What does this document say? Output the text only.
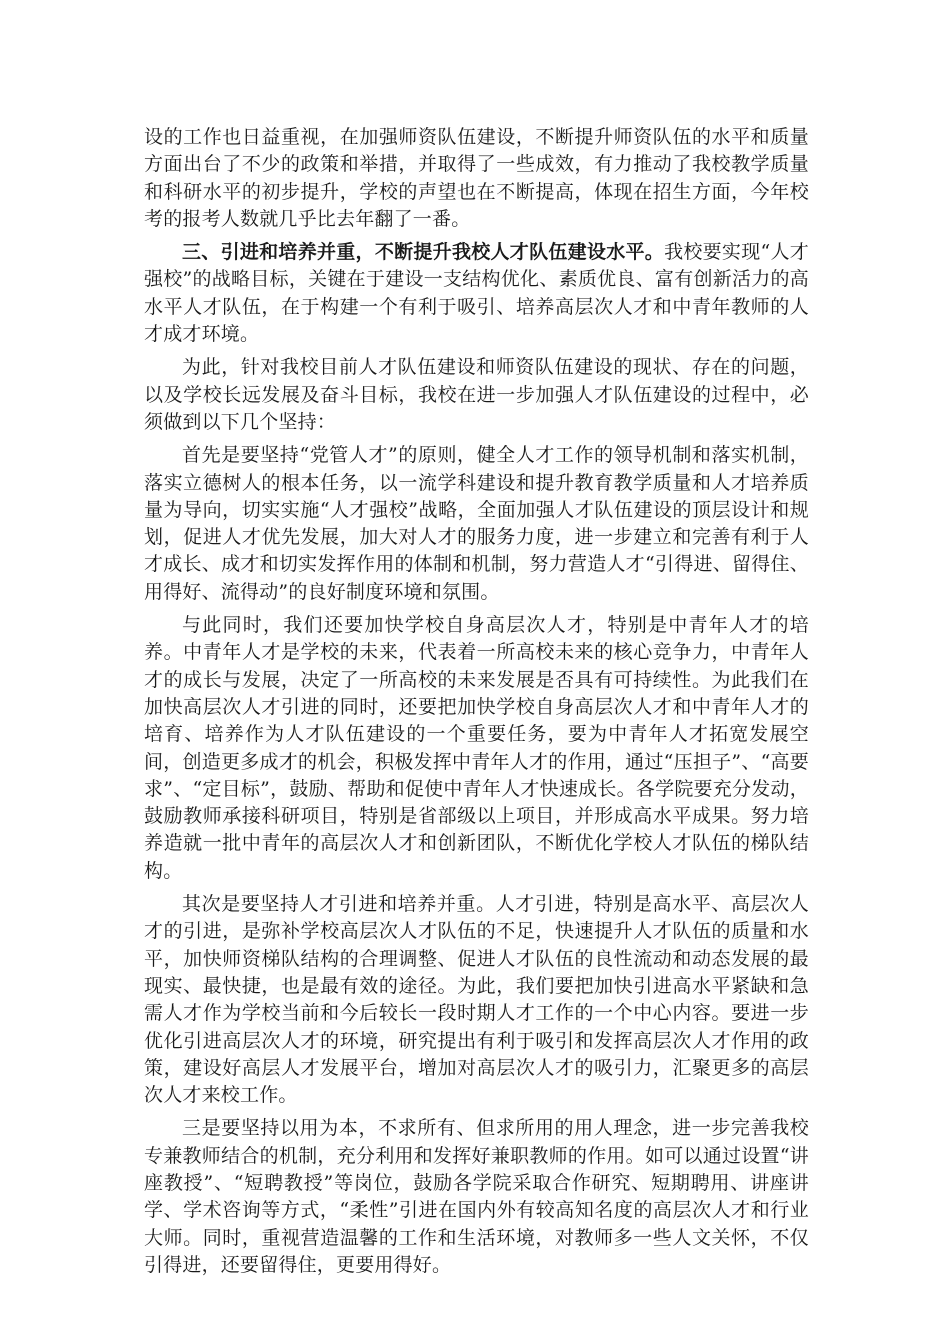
设的工作也日益重视，在加强师资队伍建设，不断提升师资队伍的水平和质量方面出台了不少的政策和举措，并取得了一些成效，有力推动了我校教学质量和科研水平的初步提升，学校的声望也在不断提高，体现在招生方面，今年校考的报考人数就几乎比去年翻了一番。

三、引进和培养并重，不断提升我校人才队伍建设水平。我校要实现“人才强校”的战略目标，关键在于建设一支结构优化、素质优良、富有创新活力的高水平人才队伍，在于构建一个有利于吸引、培养高层次人才和中青年教师的人才成才环境。

为此，针对我校目前人才队伍建设和师资队伍建设的现状、存在的问题，以及学校长远发展及奋斗目标，我校在进一步加强人才队伍建设的过程中，必须做到以下几个坚持：

首先是要坚持“党管人才”的原则，健全人才工作的领导机制和落实机制，落实立德树人的根本任务，以一流学科建设和提升教育教学质量和人才培养质量为导向，切实实施“人才强校”战略，全面加强人才队伍建设的顶层设计和规划，促进人才优先发展，加大对人才的服务力度，进一步建立和完善有利于人才成长、成才和切实发挥作用的体制和机制，努力营造人才“引得进、留得住、用得好、流得动”的良好制度环境和氛围。

与此同时，我们还要加快学校自身高层次人才，特别是中青年人才的培养。中青年人才是学校的未来，代表着一所高校未来的核心竞争力，中青年人才的成长与发展，决定了一所高校的未来发展是否具有可持续性。为此我们在加快高层次人才引进的同时，还要把加快学校自身高层次人才和中青年人才的培育、培养作为人才队伍建设的一个重要任务，要为中青年人才拓宽发展空间，创造更多成才的机会，积极发挥中青年人才的作用，通过“压担子”、“高要求”、“定目标”，鼓励、帮助和促使中青年人才快速成长。各学院要充分发动，鼓励教师承接科研项目，特别是省部级以上项目，并形成高水平成果。努力培养造就一批中青年的高层次人才和创新团队，不断优化学校人才队伍的梯队结构。

其次是要坚持人才引进和培养并重。人才引进，特别是高水平、高层次人才的引进，是弥补学校高层次人才队伍的不足，快速提升人才队伍的质量和水平，加快师资梯队结构的合理调整、促进人才队伍的良性流动和动态发展的最现实、最快捷，也是最有效的途径。为此，我们要把加快引进高水平紧缺和急需人才作为学校当前和今后较长一段时期人才工作的一个中心内容。要进一步优化引进高层次人才的环境，研究提出有利于吸引和发挥高层次人才作用的政策，建设好高层人才发展平台，增加对高层次人才的吸引力，汇聚更多的高层次人才来校工作。

三是要坚持以用为本，不求所有、但求所用的用人理念，进一步完善我校专兼教师结合的机制，充分利用和发挥好兼职教师的作用。如可以通过设置“讲座教授”、“短聘教授”等岗位，鼓励各学院采取合作研究、短期聘用、讲座讲学、学术咨询等方式，“柔性”引进在国内外有较高知名度的高层次人才和行业大师。同时，重视营造温馨的工作和生活环境，对教师多一些人文关怀，不仅引得进，还要留得住，更要用得好。
